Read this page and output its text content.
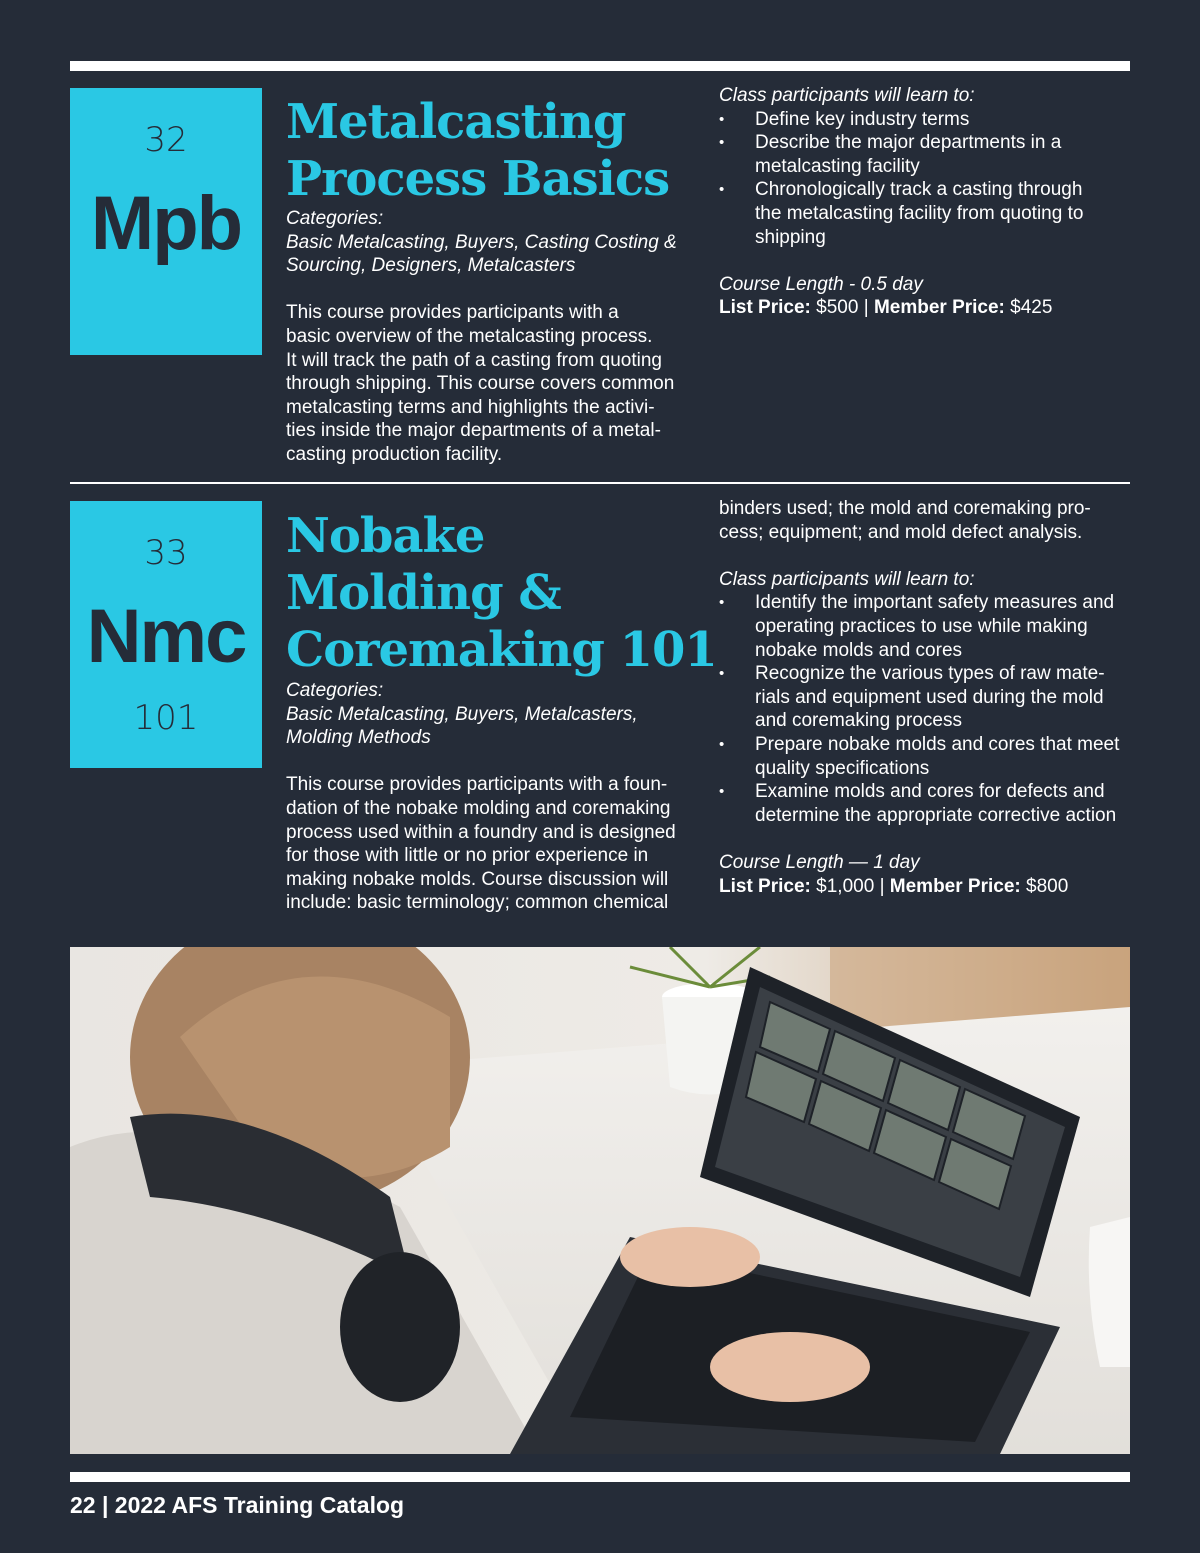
32
Mpb
Metalcasting
Process Basics

Categories:

Basic Metalcasting, Buyers, Casting Costing &

Sourcing, Designers, Metalcasters

This course provides participants with a

basic overview of the metalcasting process.

It will track the path of a casting from quoting

through shipping. This course covers common

metalcasting terms and highlights the activi-

ties inside the major departments of a metal-

casting production facility.

Class participants will learn to:

• Define key industry terms
• Describe the major departments in a
metalcasting facility
• Chronologically track a casting through
the metalcasting facility from quoting to
shipping

Course Length - 0.5 day

List Price: $500 | Member Price: $425

33
Nmc
101
Nobake
Molding &
Coremaking 101

Categories:

Basic Metalcasting, Buyers, Metalcasters,

Molding Methods

This course provides participants with a foun-

dation of the nobake molding and coremaking

process used within a foundry and is designed

for those with little or no prior experience in

making nobake molds. Course discussion will

include: basic terminology; common chemical

binders used; the mold and coremaking pro-

cess; equipment; and mold defect analysis.

Class participants will learn to:

• Identify the important safety measures and
operating practices to use while making
nobake molds and cores
• Recognize the various types of raw mate-
rials and equipment used during the mold
and coremaking process
• Prepare nobake molds and cores that meet
quality specifications
• Examine molds and cores for defects and
determine the appropriate corrective action

Course Length — 1 day

List Price: $1,000 | Member Price: $800

22 | 2022 AFS Training Catalog
